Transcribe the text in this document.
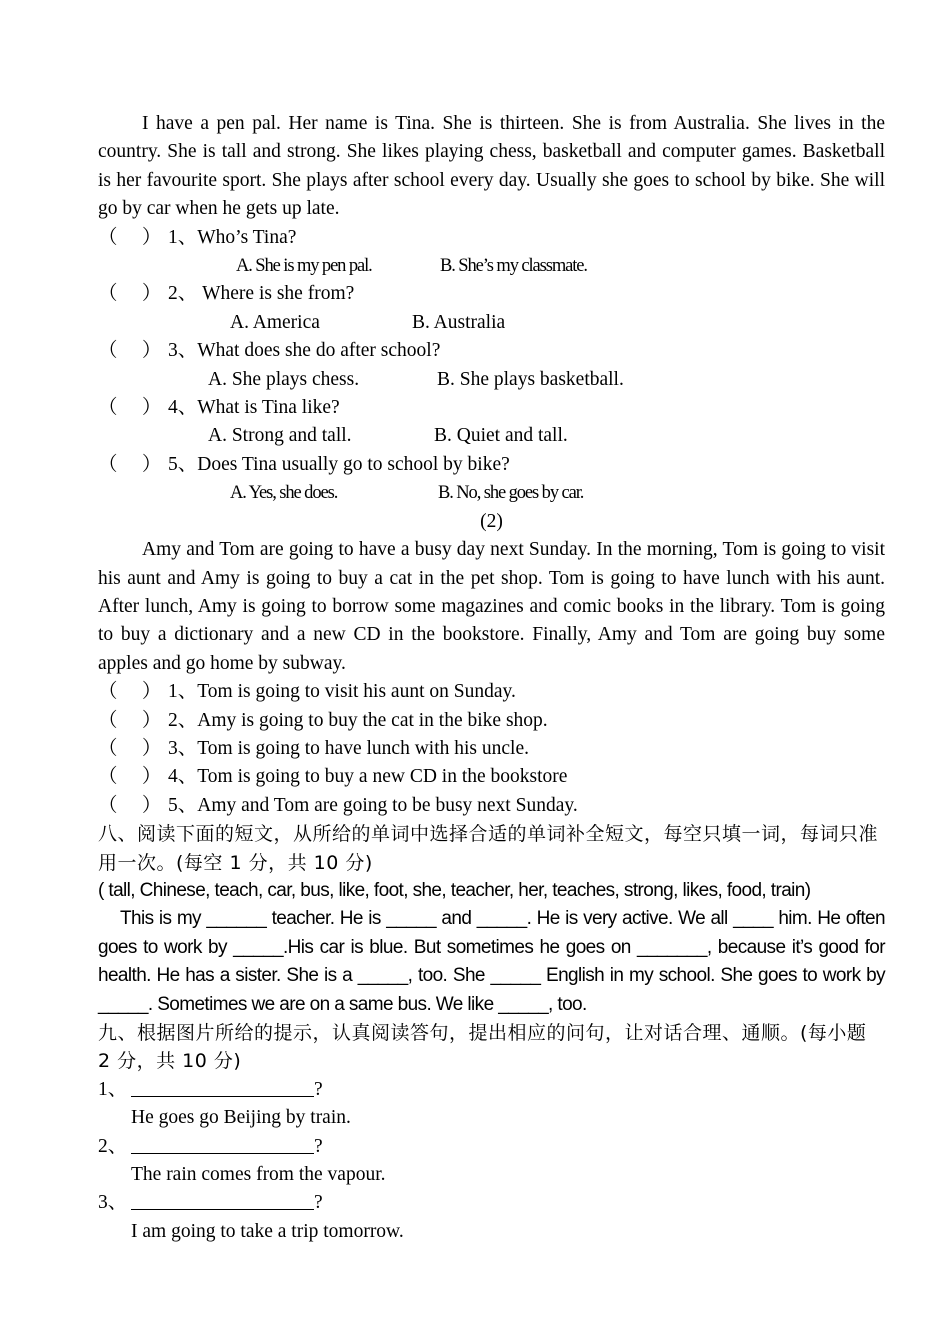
I have a pen pal. Her name is Tina. She is thirteen. She is from Australia. She lives in the country. She is tall and strong. She likes playing chess, basketball and computer games. Basketball is her favourite sport. She plays after school every day. Usually she goes to school by bike. She will go by car when he gets up late.

（　 ） 1、Who’s Tina?
A. She is my pen pal.	B. She’s my classmate.
（　 ） 2、 Where is she from?
A. America	B. Australia
（　 ） 3、What does she do after school?
A. She plays chess.	B. She plays basketball.
（　 ） 4、What is Tina like?
A. Strong and tall.	B. Quiet and tall.
（　 ） 5、Does Tina usually go to school by bike?
A. Yes, she does.	B. No, she goes by car.

(2)

Amy and Tom are going to have a busy day next Sunday. In the morning, Tom is going to visit his aunt and Amy is going to buy a cat in the pet shop. Tom is going to have lunch with his aunt. After lunch, Amy is going to borrow some magazines and comic books in the library. Tom is going to buy a dictionary and a new CD in the bookstore. Finally, Amy and Tom are going buy some apples and go home by subway.

（　 ） 1、Tom is going to visit his aunt on Sunday.
（　 ） 2、Amy is going to buy the cat in the bike shop.
（　 ） 3、Tom is going to have lunch with his uncle.
（　 ） 4、Tom is going to buy a new CD in the bookstore
（　 ） 5、Amy and Tom are going to be busy next Sunday.

八、阅读下面的短文，从所给的单词中选择合适的单词补全短文，每空只填一词，每词只准用一次。(每空 1 分，共 10 分)

( tall, Chinese, teach, car, bus, like, foot, she, teacher, her, teaches, strong, likes, food, train)

This is my ______ teacher. He is _____ and _____. He is very active. We all ____ him. He often goes to work by _____.His car is blue. But sometimes he goes on _______, because it’s good for health. He has a sister. She is a _____, too. She _____ English in my school. She goes to work by _____. Sometimes we are on a same bus. We like _____, too.

九、根据图片所给的提示，认真阅读答句，提出相应的问句，让对话合理、通顺。(每小题 2 分，共 10 分)

1、	?

He goes go Beijing by train.

2、	?

The rain comes from the vapour.

3、	?

I am going to take a trip tomorrow.
